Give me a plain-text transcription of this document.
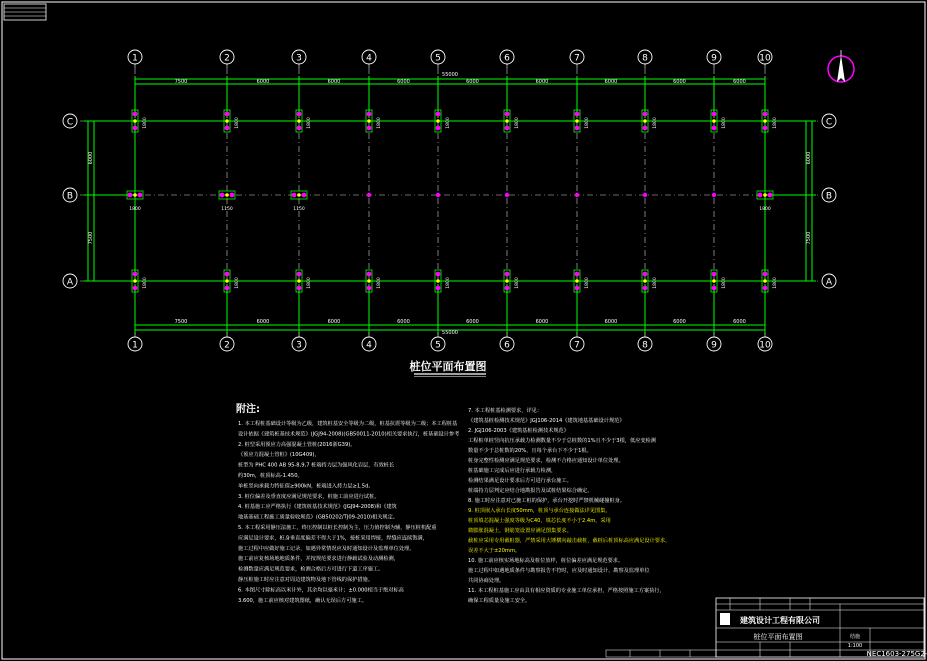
7500
7500
6000
6000
6000
6000
6000
6000
6000
6000
6000
6000
6000
6000
6000
6000
6000
6000
55000
55000
6000
7500
6000
7500
1
1
2
2
3
3
4
4
5
5
6
6
7
7
8
8
9
9
10
10
C	C
B	B
A	A
1800	1800	1800	1800	1800	1800	1800	1800	1800	1800
1800	1800	1800	1800	1800	1800	1800	1800	1800	1800
1800	1150	1150	1800
桩位平面布置图
附注:
1. 本工程桩基础设计等级为乙级，建筑桩基安全等级为二级，桩基抗震等级为二级；本工程桩基
设计依据《建筑桩基技术规范》(JGJ94-2008)(GB50011-2010)相关要求执行，桩基础设计参考
2. 桩型采用预应力高强混凝土管桩(2016浙G39)。
《预应力混凝土管桩》(10G409)，
桩型为 PHC 400 AB 95-8,9,7 桩端持力层为强风化岩层，有效桩长
约30m，桩顶标高-1.450。
单桩竖向承载力特征值≥900kN，桩端进入持力层≥1.5d。
3. 桩位偏差及垂直度应满足规范要求，桩施工前应进行试桩。
4. 桩基施工应严格执行《建筑桩基技术规范》(JGJ94-2008)和《建筑
地基基础工程施工质量验收规范》(GB50202/TJ09-2010)相关规定。
5. 本工程采用静压法施工，终压控制以桩长控制为主，压力值控制为辅，静压桩机配重
应满足设计要求，桩身垂直度偏差不得大于1%，接桩采用焊接，焊缝应连续饱满，
施工过程中应做好施工记录，如遇异常情况应及时通知设计及监理单位处理。
施工前应复核场地地质条件，并按规范要求进行静载试验及动测检测，
检测数量应满足规范要求，检测合格后方可进行下道工序施工。
静压桩施工时应注意对周边建筑物及地下管线的保护措施。
6. 本图尺寸除标高以米计外，其余均以毫米计；±0.000相当于绝对标高
3.600，施工前应核对建筑图纸，确认无误后方可施工。
7. 本工程桩基检测要求，详见：
《建筑基桩检测技术规范》JGJ106-2014《建筑地基基础设计规范》
2. JGJ106-2003《建筑基桩检测技术规范》
工程桩单桩竖向抗压承载力检测数量不少于总桩数的1%且不少于3根，低应变检测
数量不少于总桩数的20%，且每个承台下不少于1根。
桩身完整性检测应满足规范要求，检测不合格应通知设计单位处理。
桩基础施工完成后应进行承载力检测，
检测结果满足设计要求后方可进行承台施工。
桩端持力层判定应结合地勘报告及试桩结果综合确定。
8. 施工时应注意对已施工桩的保护，承台开挖时严禁机械碰撞桩身。
9. 桩顶嵌入承台长度50mm，桩顶与承台连接做法详见图集，
桩顶填芯混凝土强度等级为C40，填芯长度不小于2.4m，采用
微膨胀混凝土，钢筋笼设置应满足图集要求。
截桩应采用专用截桩器，严禁采用大锤横向敲击截桩，截桩后桩顶标高应满足设计要求，
误差不大于±20mm。
10. 施工前应核实场地标高及桩位放样，桩位偏差应满足规范要求。
施工过程中如遇地质条件与勘察报告不符时，应及时通知设计、勘察及监理单位
共同协商处理。
11. 本工程桩基施工应由具有相应资质的专业施工单位承担，严格按照施工方案执行，
确保工程质量及施工安全。
建筑设计工程有限公司
桩位平面布置图
1:100
结施
NEC1603-275G2-
